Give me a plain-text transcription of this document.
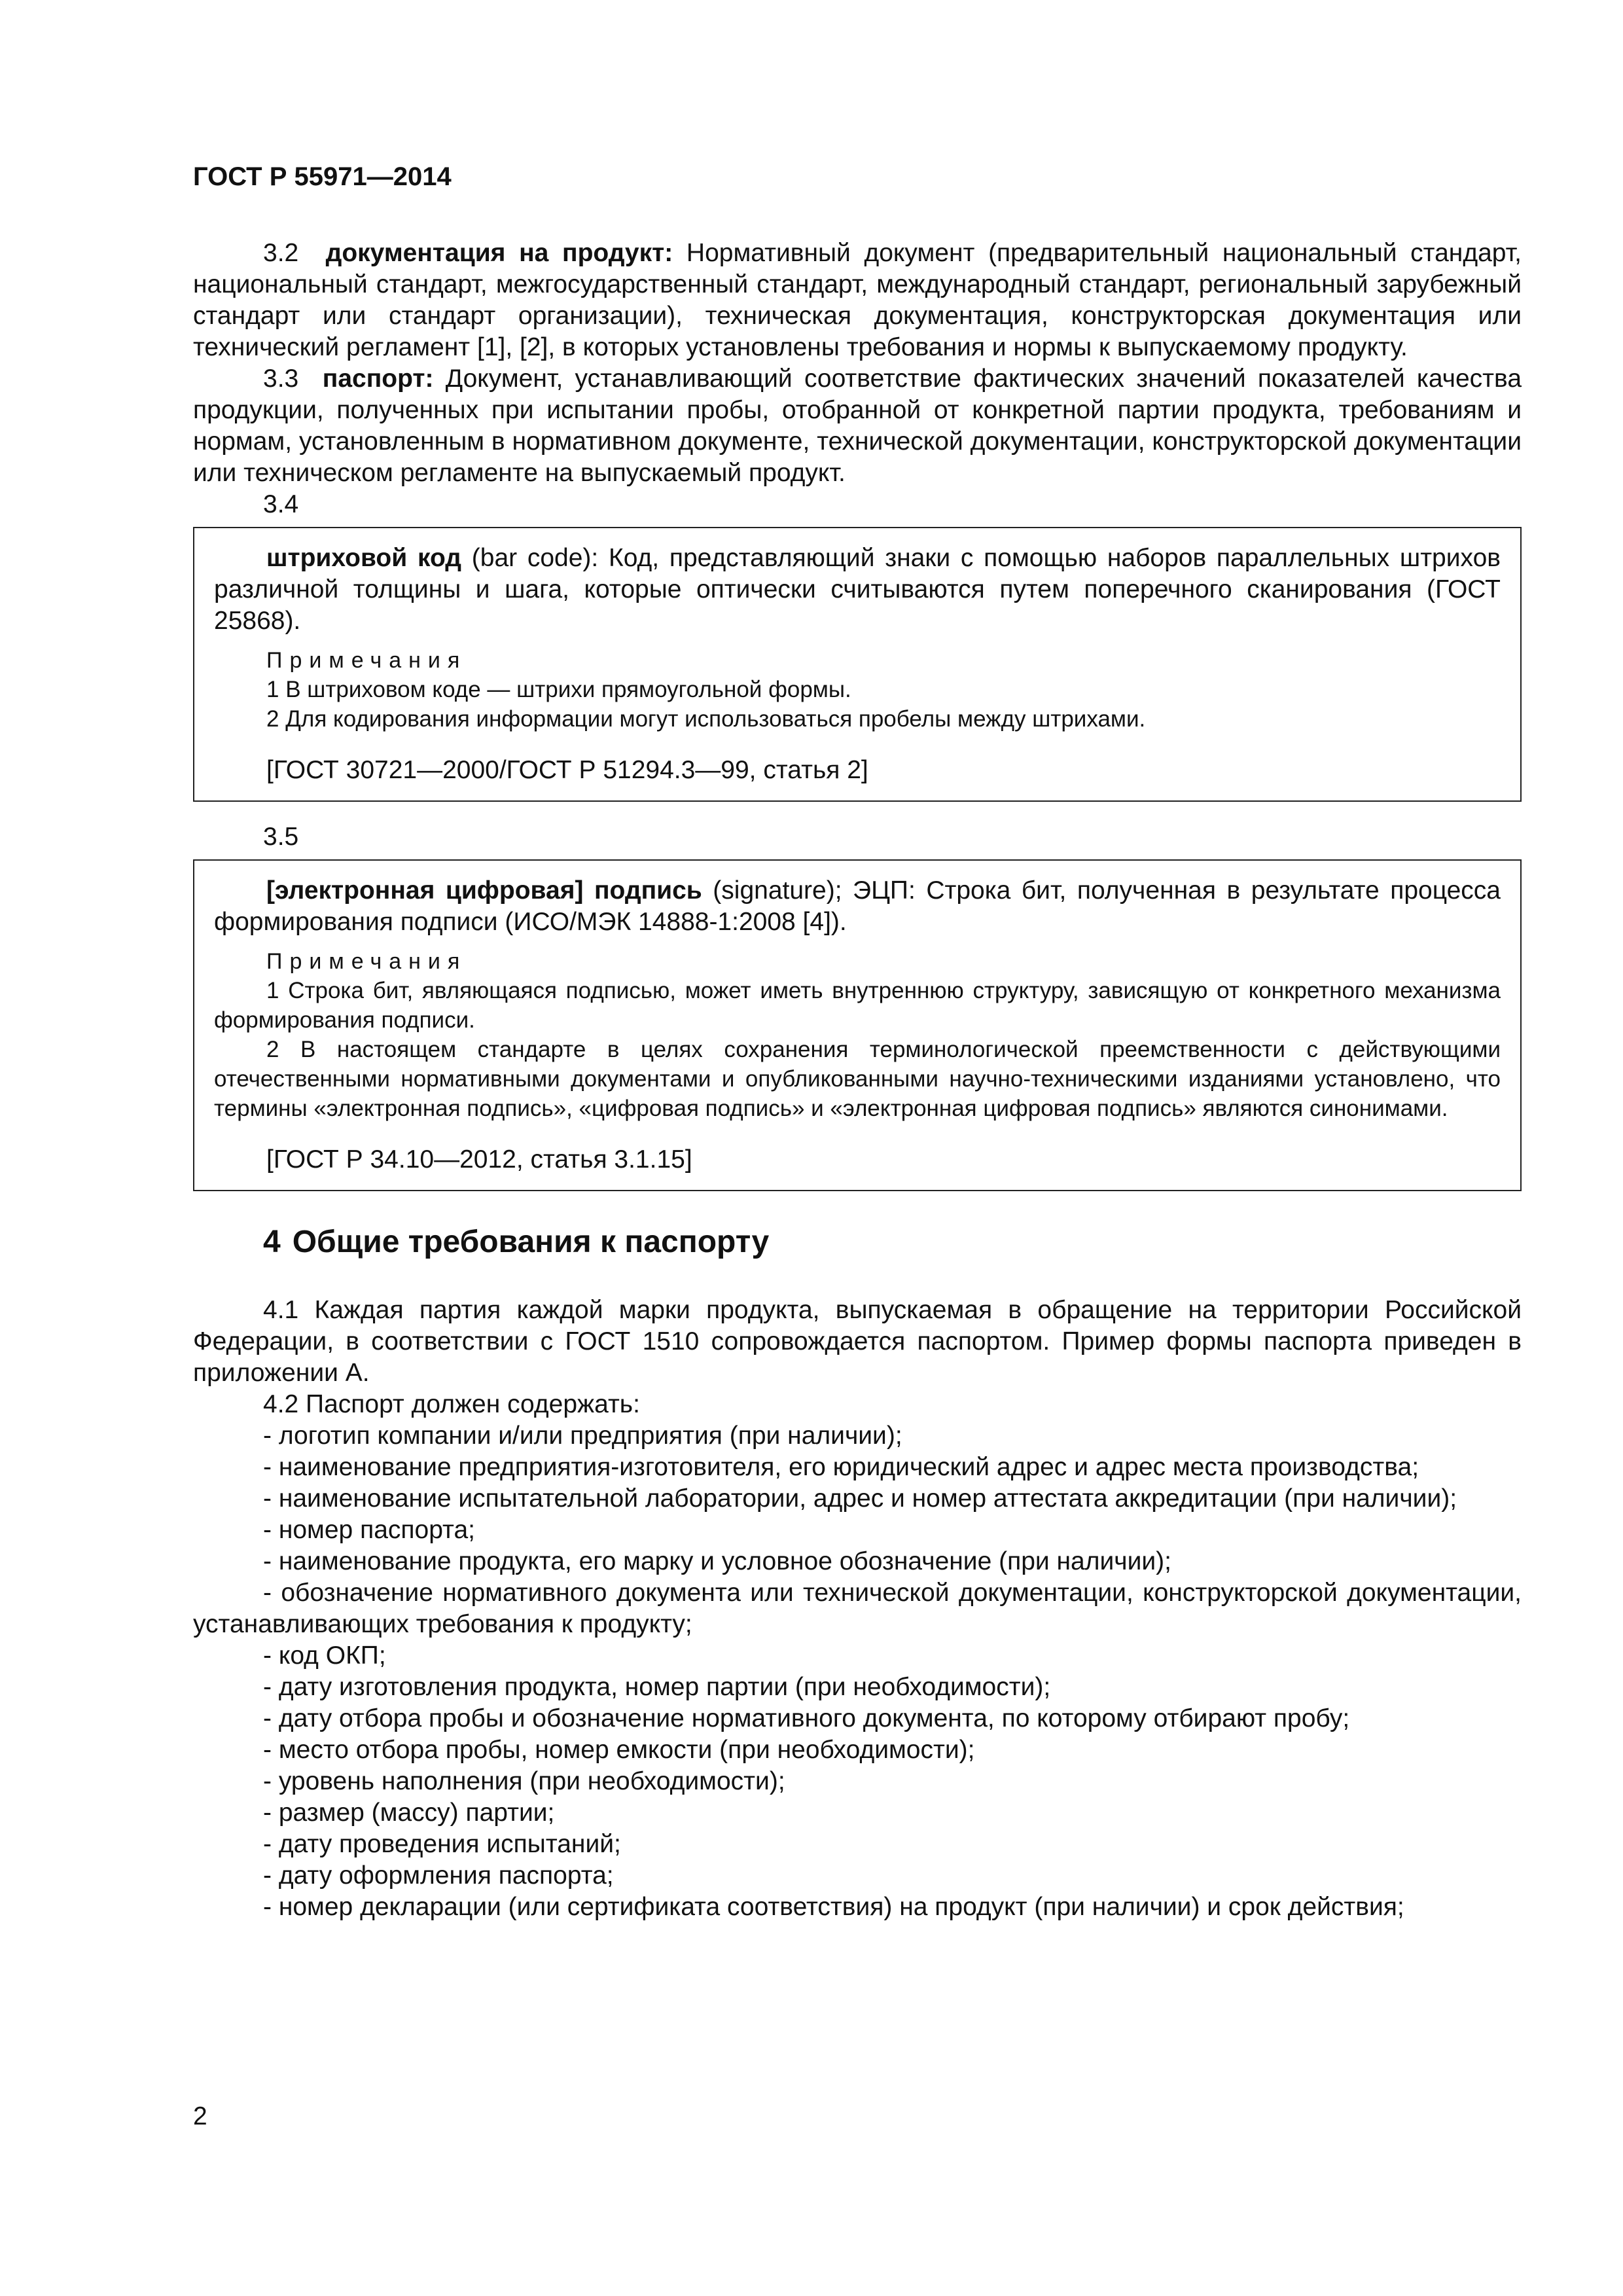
ГОСТ Р 55971—2014

3.2 документация на продукт: Нормативный документ (предварительный национальный стандарт, национальный стандарт, межгосударственный стандарт, международный стандарт, региональный зарубежный стандарт или стандарт организации), техническая документация, конструкторская документация или технический регламент [1], [2], в которых установлены требования и нормы к выпускаемому продукту.

3.3 паспорт: Документ, устанавливающий соответствие фактических значений показателей качества продукции, полученных при испытании пробы, отобранной от конкретной партии продукта, требованиям и нормам, установленным в нормативном документе, технической документации, конструкторской документации или техническом регламенте на выпускаемый продукт.

3.4

штриховой код (bar code): Код, представляющий знаки с помощью наборов параллельных штрихов различной толщины и шага, которые оптически считываются путем поперечного сканирования (ГОСТ 25868).

Примечания
1 В штриховом коде — штрихи прямоугольной формы.
2 Для кодирования информации могут использоваться пробелы между штрихами.
[ГОСТ 30721—2000/ГОСТ Р 51294.3—99, статья 2]

3.5

[электронная цифровая] подпись (signature); ЭЦП: Строка бит, полученная в результате процесса формирования подписи (ИСО/МЭК 14888-1:2008 [4]).

Примечания
1 Строка бит, являющаяся подписью, может иметь внутреннюю структуру, зависящую от конкретного механизма формирования подписи.
2 В настоящем стандарте в целях сохранения терминологической преемственности с действующими отечественными нормативными документами и опубликованными научно-техническими изданиями установлено, что термины «электронная подпись», «цифровая подпись» и «электронная цифровая подпись» являются синонимами.
[ГОСТ Р 34.10—2012, статья 3.1.15]
4 Общие требования к паспорту

4.1 Каждая партия каждой марки продукта, выпускаемая в обращение на территории Российской Федерации, в соответствии с ГОСТ 1510 сопровождается паспортом. Пример формы паспорта приведен в приложении А.

4.2 Паспорт должен содержать:

- логотип компании и/или предприятия (при наличии);

- наименование предприятия-изготовителя, его юридический адрес и адрес места производства;

- наименование испытательной лаборатории, адрес и номер аттестата аккредитации (при наличии);

- номер паспорта;

- наименование продукта, его марку и условное обозначение (при наличии);

- обозначение нормативного документа или технической документации, конструкторской документации, устанавливающих требования к продукту;

- код ОКП;

- дату изготовления продукта, номер партии (при необходимости);

- дату отбора пробы и обозначение нормативного документа, по которому отбирают пробу;

- место отбора пробы, номер емкости (при необходимости);

- уровень наполнения (при необходимости);

- размер (массу) партии;

- дату проведения испытаний;

- дату оформления паспорта;

- номер декларации (или сертификата соответствия) на продукт (при наличии) и срок действия;

2
